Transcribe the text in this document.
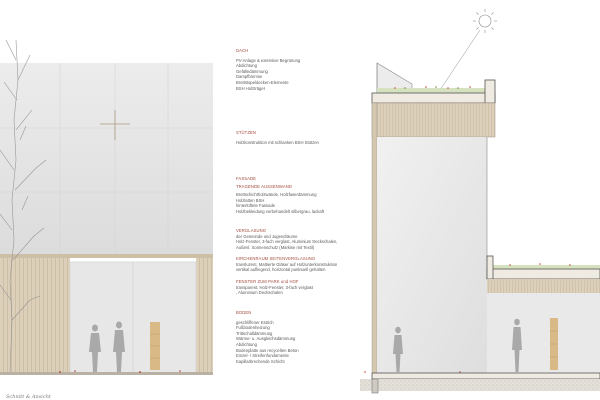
Schnitt & Ansicht
DACH
PV-Anlage & extensive Begrünung
Abdichtung
Gefälledämmung
Dampfbremse
Brettstapeldecken-Elemente
BSH Holzträger
STÜTZEN
Holzkonstruktion mit schlanken BSH Stützen
FASSADE
TRAGENDE AUSSENWAND
Brettschichtholzwände, Holzfaserdämmung
Holzlatten BSH
hinterlüftete Fassade
Holzbekleidung vorbehandelt silbergrau, lackaft
VERGLASUNG
der Gemeinde und Jugendräume
Holz-Fenster, 3-fach verglast, Aluminium Deckschalen,
Außenl. Sonnenschutz (Markise mit Textil)
KIRCHENRAUM SEITENVERGLASUNG
transluzent, Mattierte Gläser auf Holzunterkonstruktion
vertikal aufliegend, horizontal punktuell gehalten
FENSTER ZUM PARK und HOF
transparent, Holz-Fenster, 3-fach verglast
, Aluminium Deckschalen
BODEN
geschliffener Estrich
Fußbodenheizung
Trittschalldämmung
Wärme- u. Ausgleichsdämmung
Abdichtung
Bodenplatte aus recycelten Beton
Einzel- / Streifenfundamente
Kapillarbrechende Schicht
